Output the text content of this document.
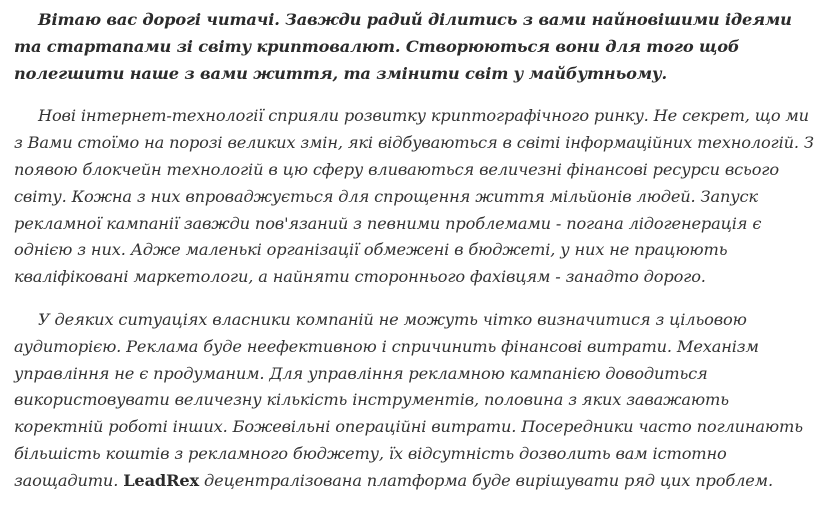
Вітаю вас дорогі читачі. Завжди радий ділитись з вами найновішими ідеями та стартапами зі світу криптовалют. Створюються вони для того щоб полегшити наше з вами життя, та змінити світ у майбутньому.

Нові інтернет-технології сприяли розвитку криптографічного ринку. Не секрет, що ми з Вами стоїмо на порозі великих змін, які відбуваються в світі інформаційних технологій. З появою блокчейн технологій в цю сферу вливаються величезні фінансові ресурси всього світу. Кожна з них впроваджується для спрощення життя мільйонів людей. Запуск рекламної кампанії завжди пов'язаний з певними проблемами - погана лідогенерація є однією з них. Адже маленькі організації обмежені в бюджеті, у них не працюють кваліфіковані маркетологи, а найняти стороннього фахівцям - занадто дорого.

У деяких ситуаціях власники компаній не можуть чітко визначитися з цільовою аудиторією. Реклама буде неефективною і спричинить фінансові витрати. Механізм управління не є продуманим. Для управління рекламною кампанією доводиться використовувати величезну кількість інструментів, половина з яких заважають коректній роботі інших. Божевільні операційні витрати. Посередники часто поглинають більшість коштів з рекламного бюджету, їх відсутність дозволить вам істотно заощадити. LeadRex децентралізована платформа буде вирішувати ряд цих проблем.
